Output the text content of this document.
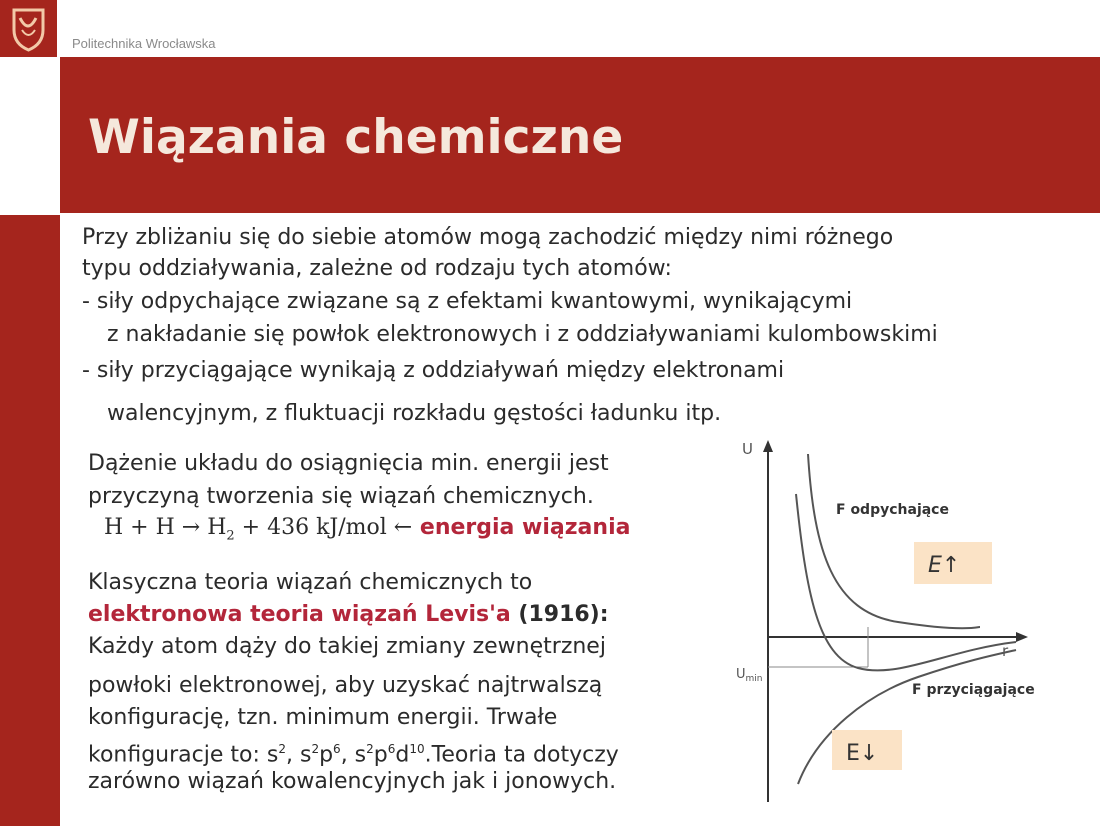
Politechnika Wrocławska
Wiązania chemiczne
Przy zbliżaniu się do siebie atomów mogą zachodzić między nimi różnego
typu oddziaływania, zależne od rodzaju tych atomów:
- siły odpychające związane są z efektami kwantowymi, wynikającymi
z nakładanie się powłok elektronowych i z oddziaływaniami kulombowskimi
- siły przyciągające wynikają z oddziaływań między elektronami
walencyjnym, z fluktuacji rozkładu gęstości ładunku itp.
Dążenie układu do osiągnięcia min. energii jest
przyczyną tworzenia się wiązań chemicznych.
$H + H \to H_2 + 436$ kJ/mol ← energia wiązania
Klasyczna teoria wiązań chemicznych to
elektronowa teoria wiązań Levis'a (1916):
Każdy atom dąży do takiej zmiany zewnętrznej
powłoki elektronowej, aby uzyskać najtrwalszą
konfigurację, tzn. minimum energii. Trwałe
konfiguracje to: $s^2$, $s^2p^6$, $s^2p^6d^{10}.Teoria$ ta dotyczy
zarówno wiązań kowalencyjnych jak i jonowych.
U
r
$U_{min}$
F odpychające
F przyciągające
E↑
E↓
